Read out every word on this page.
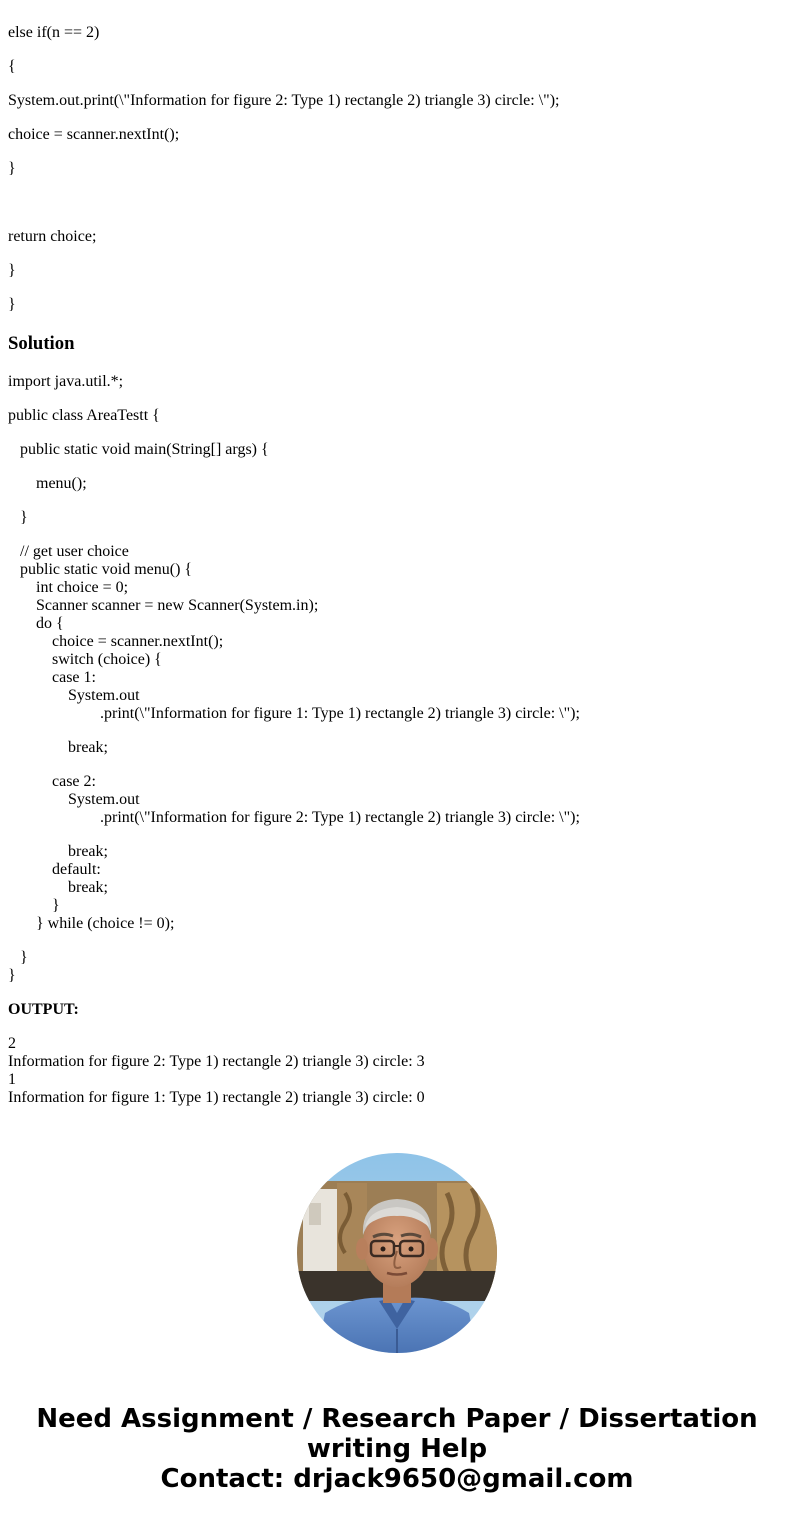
else if(n == 2)
{
System.out.print(\"Information for figure 2: Type 1) rectangle 2) triangle 3) circle: \");
choice = scanner.nextInt();
}
return choice;
}
}
Solution
import java.util.*;
public class AreaTestt {
public static void main(String[] args) {
menu();
}
// get user choice
public static void menu() {
int choice = 0;
Scanner scanner = new Scanner(System.in);
do {
choice = scanner.nextInt();
switch (choice) {
case 1:
System.out
.print(\"Information for figure 1: Type 1) rectangle 2) triangle 3) circle: \");
break;
case 2:
System.out
.print(\"Information for figure 2: Type 1) rectangle 2) triangle 3) circle: \");
break;
default:
break;
}
} while (choice != 0);
}
}
OUTPUT:
2
Information for figure 2: Type 1) rectangle 2) triangle 3) circle: 3
1
Information for figure 1: Type 1) rectangle 2) triangle 3) circle: 0
Need Assignment / Research Paper / Dissertation
writing Help
Contact: drjack9650@gmail.com
